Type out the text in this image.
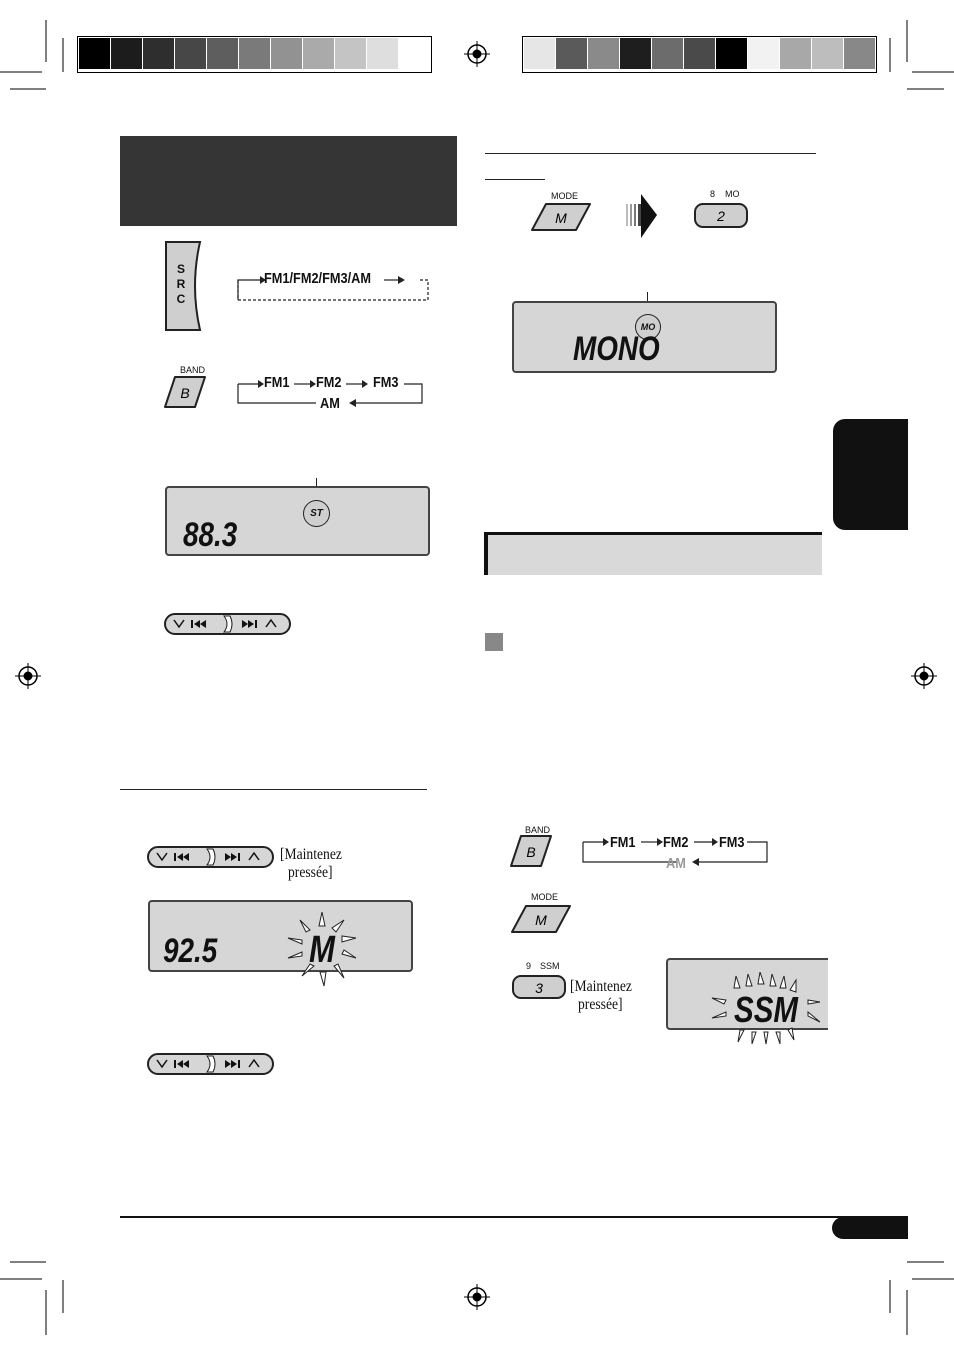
S
R
C
FM1/FM2/FM3/AM
BAND
B
FM1 FM2 FM3
AM
ST
88.3
[Maintenez
pressée]
92.5 M
MODE
M
8 MO
2
MO
MONO
BAND
B
FM1 FM2 FM3
AM
MODE
M
9 SSM
3 [Maintenez
pressée]	SSM
